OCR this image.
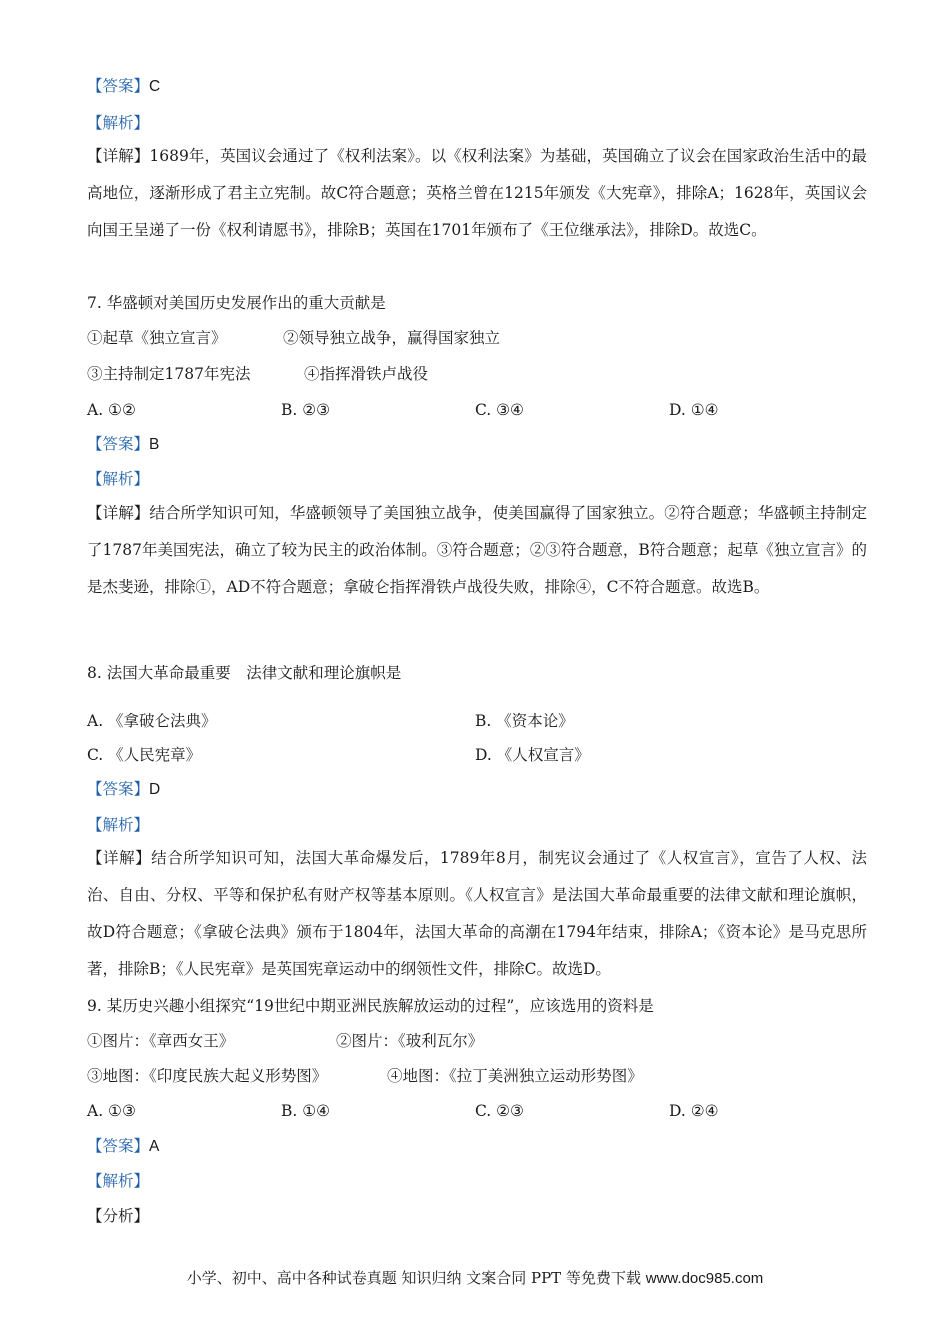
【答案】C
【解析】
【详解】1689年，英国议会通过了《权利法案》。以《权利法案》为基础，英国确立了议会在国家政治生活中的最高地位，逐渐形成了君主立宪制。故C符合题意；英格兰曾在1215年颁发《大宪章》，排除A；1628年，英国议会向国王呈递了一份《权利请愿书》，排除B；英国在1701年颁布了《王位继承法》，排除D。故选C。
7. 华盛顿对美国历史发展作出的重大贡献是
①起草《独立宣言》	②领导独立战争，赢得国家独立
③主持制定1787年宪法	④指挥滑铁卢战役
A. ①②	B. ②③	C. ③④	D. ①④
【答案】B
【解析】
【详解】结合所学知识可知，华盛顿领导了美国独立战争，使美国赢得了国家独立。②符合题意；华盛顿主持制定了1787年美国宪法，确立了较为民主的政治体制。③符合题意；②③符合题意，B符合题意；起草《独立宣言》的是杰斐逊，排除①，AD不符合题意；拿破仑指挥滑铁卢战役失败，排除④，C不符合题意。故选B。
8. 法国大革命最重要　法律文献和理论旗帜是
A. 《拿破仑法典》	B. 《资本论》
C. 《人民宪章》	D. 《人权宣言》
【答案】D
【解析】
【详解】结合所学知识可知，法国大革命爆发后，1789年8月，制宪议会通过了《人权宣言》，宣告了人权、法治、自由、分权、平等和保护私有财产权等基本原则。《人权宣言》是法国大革命最重要的法律文献和理论旗帜，故D符合题意；《拿破仑法典》颁布于1804年，法国大革命的高潮在1794年结束，排除A；《资本论》是马克思所著，排除B；《人民宪章》是英国宪章运动中的纲领性文件，排除C。故选D。
9. 某历史兴趣小组探究“19世纪中期亚洲民族解放运动的过程”，应该选用的资料是
①图片：《章西女王》	②图片：《玻利瓦尔》
③地图：《印度民族大起义形势图》	④地图：《拉丁美洲独立运动形势图》
A. ①③	B. ①④	C. ②③	D. ②④
【答案】A
【解析】
【分析】
小学、初中、高中各种试卷真题 知识归纳 文案合同 PPT 等免费下载 www.doc985.com
